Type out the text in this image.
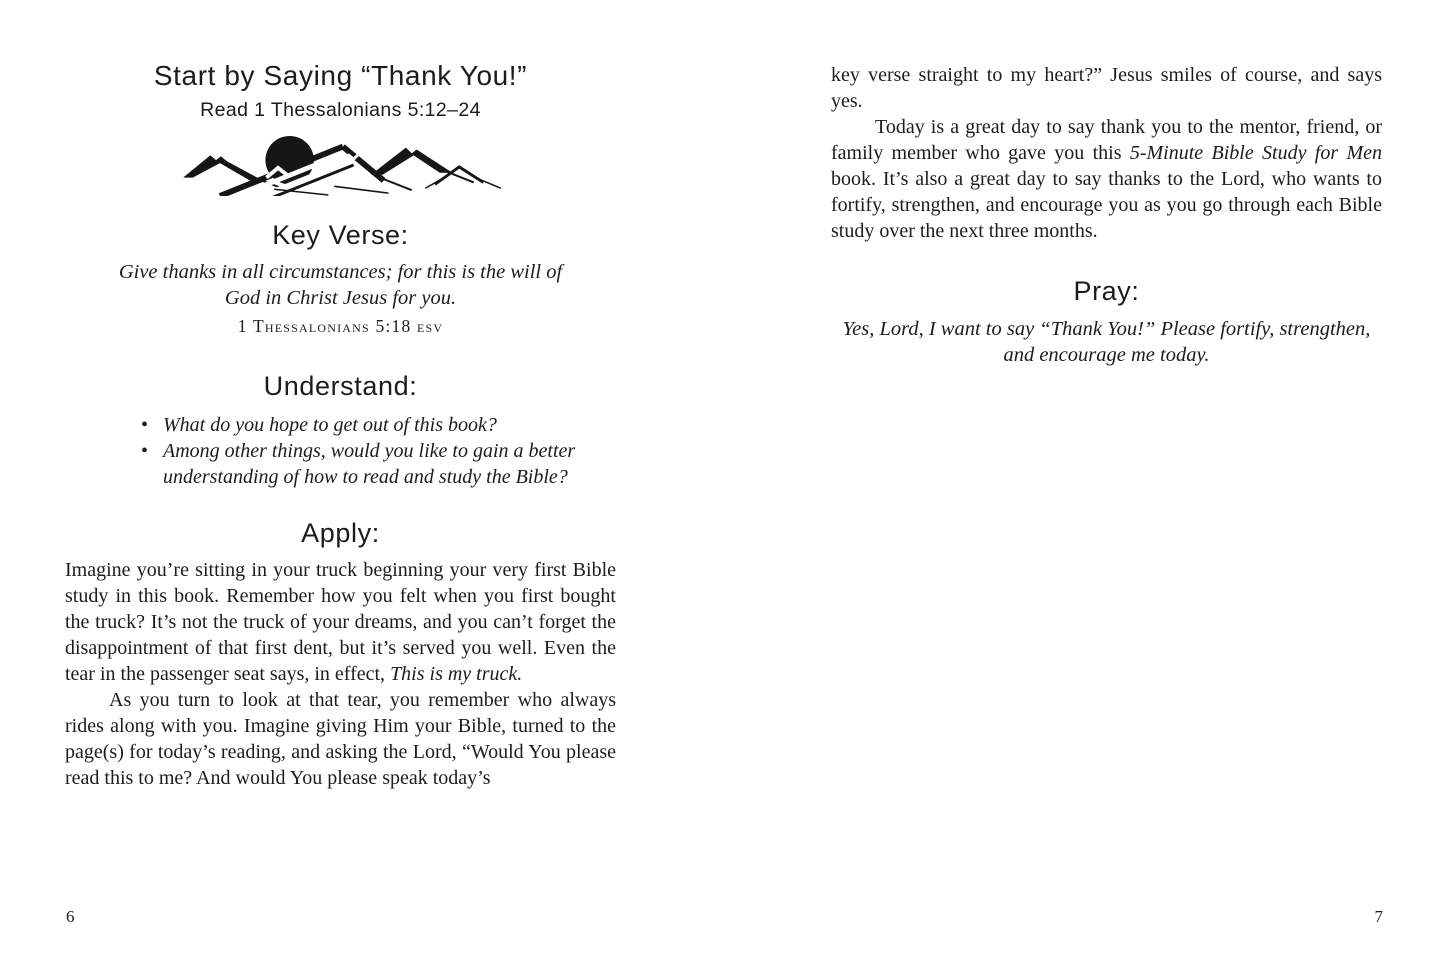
Start by Saying “Thank You!”
Read 1 Thessalonians 5:12–24
Key Verse:
Give thanks in all circumstances; for this is the will of God in Christ Jesus for you.
1 Thessalonians 5:18 esv
Understand:
• What do you hope to get out of this book?
• Among other things, would you like to gain a better understanding of how to read and study the Bible?
Apply:

Imagine you’re sitting in your truck beginning your very first Bible study in this book. Remember how you felt when you first bought the truck? It’s not the truck of your dreams, and you can’t forget the disappointment of that first dent, but it’s served you well. Even the tear in the passenger seat says, in effect, This is my truck.

As you turn to look at that tear, you remember who always rides along with you. Imagine giving Him your Bible, turned to the page(s) for today’s reading, and asking the Lord, “Would You please read this to me? And would You please speak today’s

key verse straight to my heart?” Jesus smiles of course, and says yes.

Today is a great day to say thank you to the mentor, friend, or family member who gave you this 5-Minute Bible Study for Men book. It’s also a great day to say thanks to the Lord, who wants to fortify, strengthen, and encourage you as you go through each Bible study over the next three months.

Pray:
Yes, Lord, I want to say “Thank You!” Please fortify, strengthen, and encourage me today.
6	7
